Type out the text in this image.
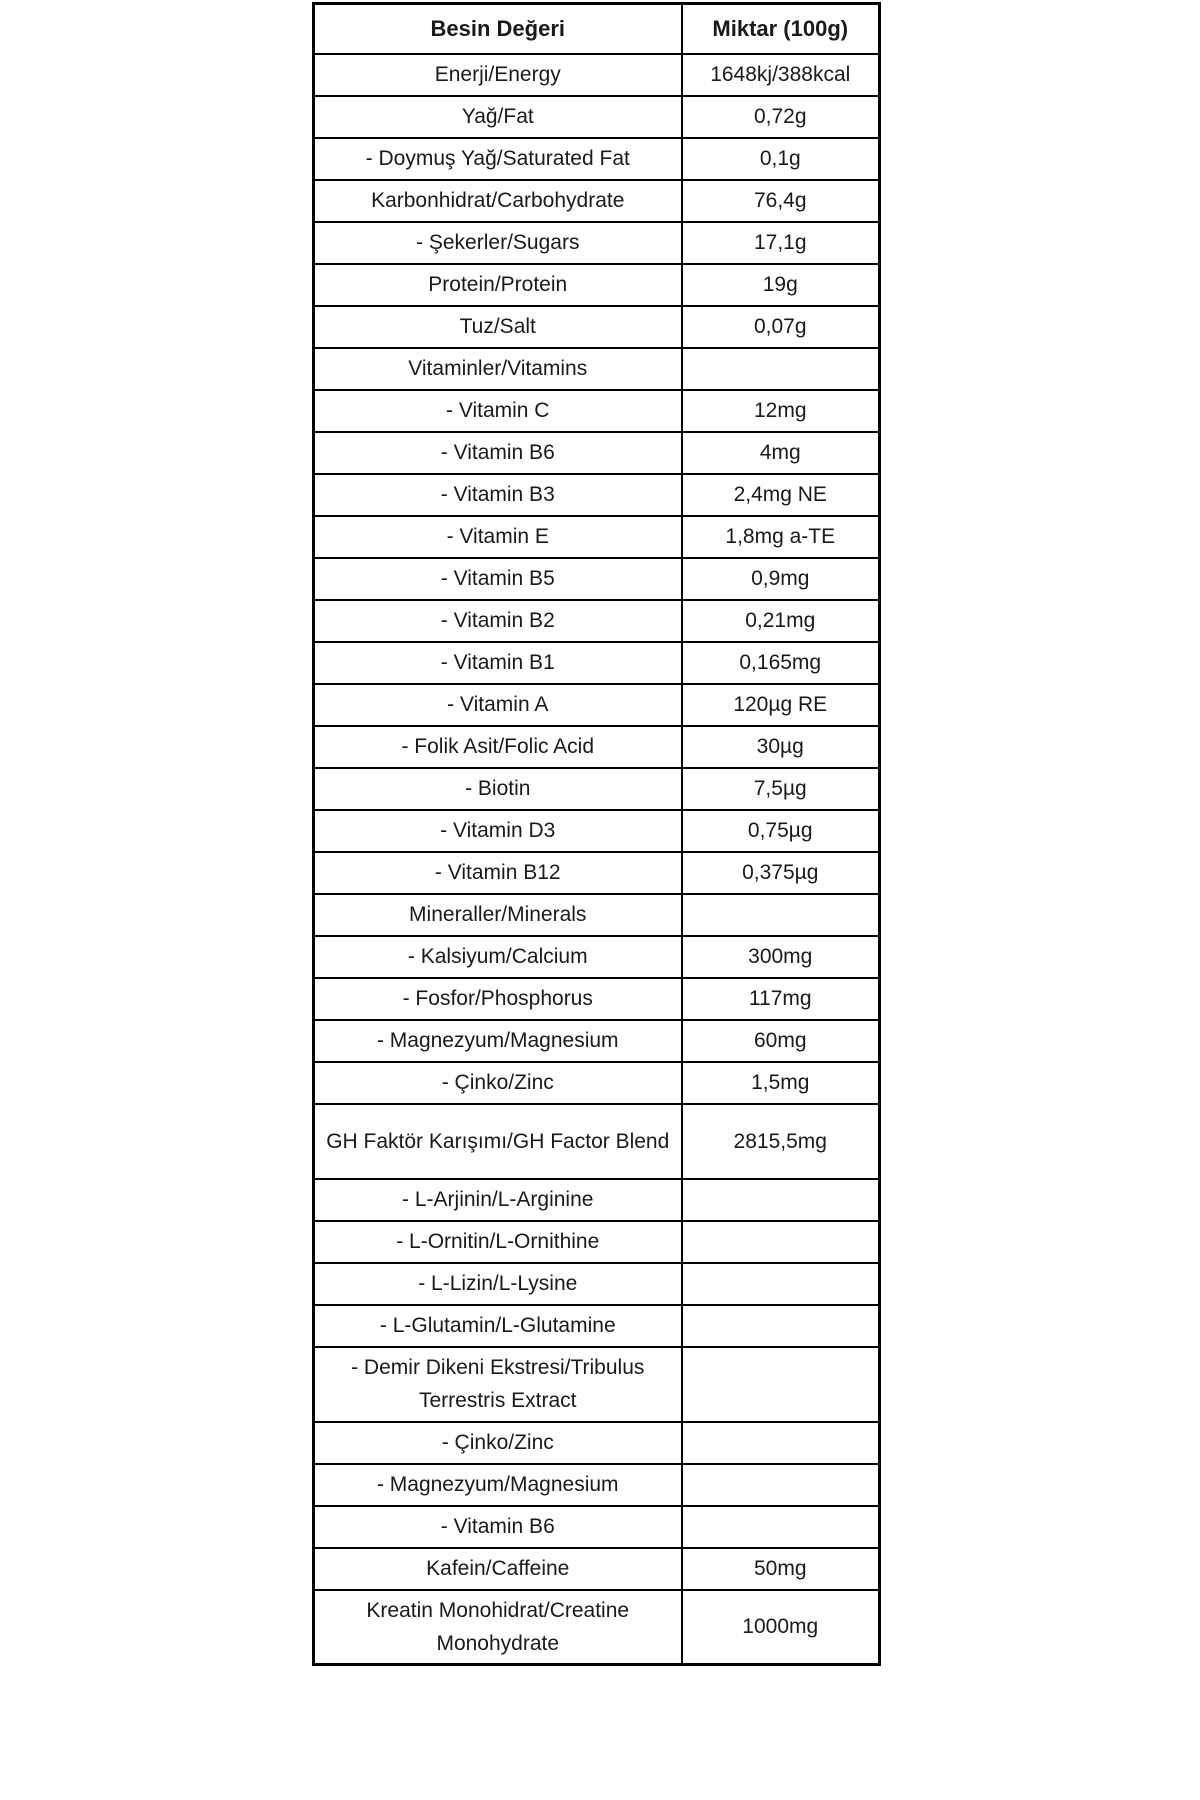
Besin Değeri	Miktar (100g)
Enerji/Energy	1648kj/388kcal
Yağ/Fat	0,72g
- Doymuş Yağ/Saturated Fat	0,1g
Karbonhidrat/Carbohydrate	76,4g
- Şekerler/Sugars	17,1g
Protein/Protein	19g
Tuz/Salt	0,07g
Vitaminler/Vitamins	
- Vitamin C	12mg
- Vitamin B6	4mg
- Vitamin B3	2,4mg NE
- Vitamin E	1,8mg a-TE
- Vitamin B5	0,9mg
- Vitamin B2	0,21mg
- Vitamin B1	0,165mg
- Vitamin A	120µg RE
- Folik Asit/Folic Acid	30µg
- Biotin	7,5µg
- Vitamin D3	0,75µg
- Vitamin B12	0,375µg
Mineraller/Minerals	
- Kalsiyum/Calcium	300mg
- Fosfor/Phosphorus	117mg
- Magnezyum/Magnesium	60mg
- Çinko/Zinc	1,5mg
GH Faktör Karışımı/GH Factor Blend	2815,5mg
- L-Arjinin/L-Arginine	
- L-Ornitin/L-Ornithine	
- L-Lizin/L-Lysine	
- L-Glutamin/L-Glutamine	
- Demir Dikeni Ekstresi/Tribulus Terrestris Extract	
- Çinko/Zinc	
- Magnezyum/Magnesium	
- Vitamin B6	
Kafein/Caffeine	50mg
Kreatin Monohidrat/Creatine Monohydrate	1000mg
